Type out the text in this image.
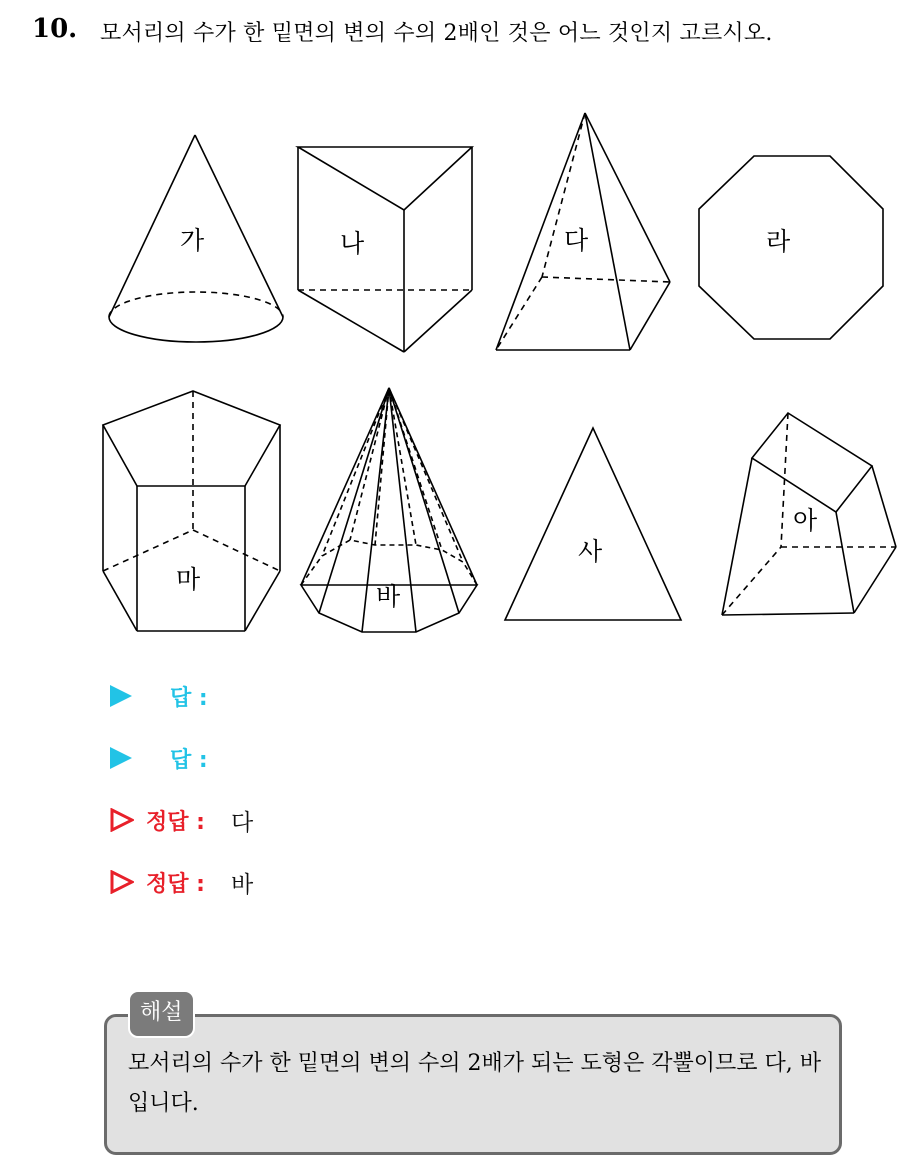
10. 모서리의 수가 한 밑면의 변의 수의 2배인 것은 어느 것인지 고르시오.
가	나	다	라
마
바
사
아
답 :
답 :
정답 : 다
정답 : 바
해설
모서리의 수가 한 밑면의 변의 수의 2배가 되는 도형은 각뿔이므로 다, 바입니다.
